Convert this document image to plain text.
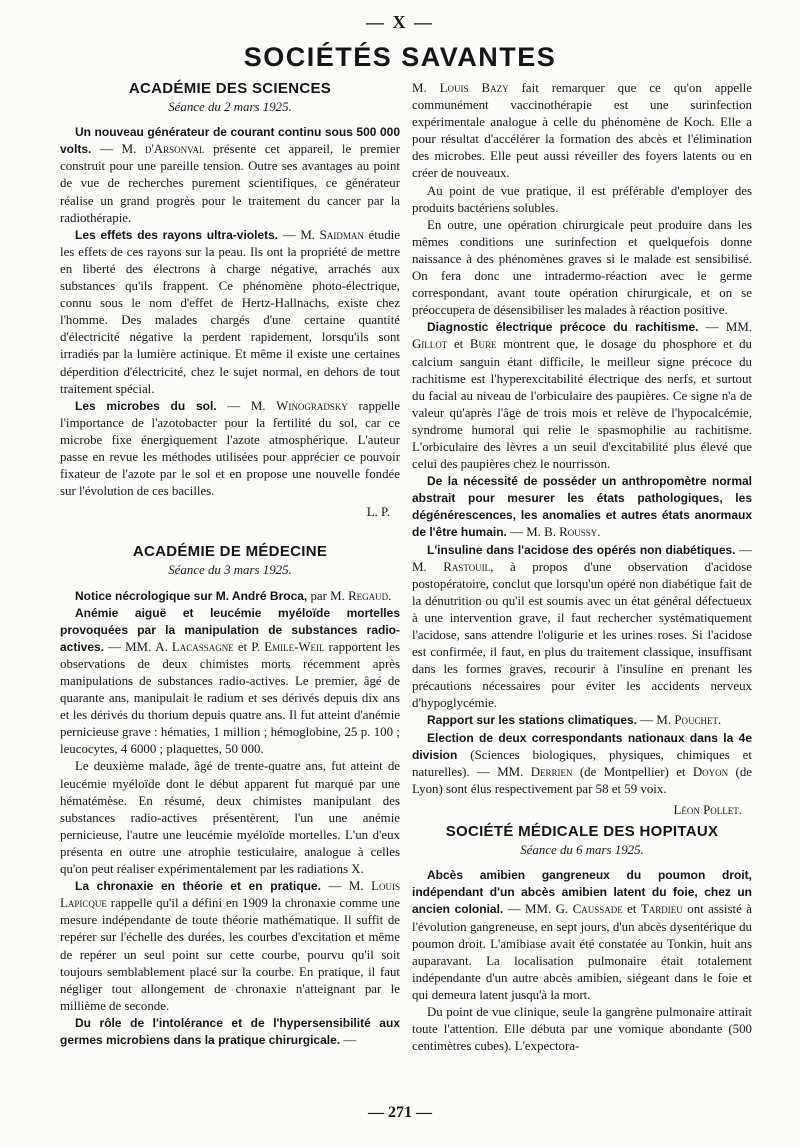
— X —
SOCIÉTÉS SAVANTES
ACADÉMIE DES SCIENCES
Séance du 2 mars 1925.

Un nouveau générateur de courant continu sous 500 000 volts. — M. d'Arsonval présente cet appareil, le premier construit pour une pareille tension. Outre ses avantages au point de vue de recherches purement scientifiques, ce générateur réalise un grand progrès pour le traitement du cancer par la radiothérapie.

Les effets des rayons ultra-violets. — M. Saidman étudie les effets de ces rayons sur la peau. Ils ont la propriété de mettre en liberté des électrons à charge négative, arrachés aux substances qu'ils frappent. Ce phénomène photo-électrique, connu sous le nom d'effet de Hertz-Hallnachs, existe chez l'homme. Des malades chargés d'une certaine quantité d'électricité négative la perdent rapidement, lorsqu'ils sont irradiés par la lumière actinique. Et même il existe une certaines déperdition d'électricité, chez le sujet normal, en dehors de tout traitement spécial.

Les microbes du sol. — M. Winogradsky rappelle l'importance de l'azotobacter pour la fertilité du sol, car ce microbe fixe énergiquement l'azote atmosphérique. L'auteur passe en revue les méthodes utilisées pour apprécier ce pouvoir fixateur de l'azote par le sol et en propose une nouvelle fondée sur l'évolution de ces bacilles.

L. P.
ACADÉMIE DE MÉDECINE
Séance du 3 mars 1925.

Notice nécrologique sur M. André Broca, par M. Regaud.

Anémie aiguë et leucémie myéloïde mortelles provoquées par la manipulation de substances radio-actives. — MM. A. Lacassagne et P. Emile-Weil rapportent les observations de deux chimistes morts récemment après manipulations de substances radio-actives. Le premier, âgé de quarante ans, manipulait le radium et ses dérivés depuis dix ans et les dérivés du thorium depuis quatre ans. Il fut atteint d'anémie pernicieuse grave : hématies, 1 million ; hémoglobine, 25 p. 100 ; leucocytes, 4 6000 ; plaquettes, 50 000.

Le deuxième malade, âgé de trente-quatre ans, fut atteint de leucémie myéloïde dont le début apparent fut marqué par une hématémèse. En résumé, deux chimistes manipulant des substances radio-actives présentèrent, l'un une anémie pernicieuse, l'autre une leucémie myéloïde mortelles. L'un d'eux présenta en outre une atrophie testiculaire, analogue à celles qu'on peut réaliser expérimentalement par les radiations X.

La chronaxie en théorie et en pratique. — M. Louis Lapicque rappelle qu'il a défini en 1909 la chronaxie comme une mesure indépendante de toute théorie mathématique. Il suffit de repérer sur l'échelle des durées, les courbes d'excitation et même de repérer un seul point sur cette courbe, pourvu qu'il soit toujours semblablement placé sur la courbe. En pratique, il faut négliger tout allongement de chronaxie n'atteignant par le millième de seconde.

Du rôle de l'intolérance et de l'hypersensibilité aux germes microbiens dans la pratique chirurgicale. —

M. Louis Bazy fait remarquer que ce qu'on appelle communément vaccinothérapie est une surinfection expérimentale analogue à celle du phénomène de Koch. Elle a pour résultat d'accélérer la formation des abcès et l'élimination des microbes. Elle peut aussi réveiller des foyers latents ou en créer de nouveaux.

Au point de vue pratique, il est préférable d'employer des produits bactériens solubles.

En outre, une opération chirurgicale peut produire dans les mêmes conditions une surinfection et quelquefois donne naissance à des phénomènes graves si le malade est sensibilisé. On fera donc une intradermo-réaction avec le germe correspondant, avant toute opération chirurgicale, et on se préoccupera de désensibiliser les malades à réaction positive.

Diagnostic électrique précoce du rachitisme. — MM. Gillot et Bure montrent que, le dosage du phosphore et du calcium sanguin étant difficile, le meilleur signe précoce du rachitisme est l'hyperexcitabilité électrique des nerfs, et surtout du facial au niveau de l'orbiculaire des paupières. Ce signe n'a de valeur qu'après l'âge de trois mois et relève de l'hypocalcémie, syndrome humoral qui relie le spasmophilie au rachitisme. L'orbiculaire des lèvres a un seuil d'excitabilité plus élevé que celui des paupières chez le nourrisson.

De la nécessité de posséder un anthropomètre normal abstrait pour mesurer les états pathologiques, les dégénérescences, les anomalies et autres états anormaux de l'être humain. — M. B. Roussy.

L'insuline dans l'acidose des opérés non diabétiques. — M. Rastouil, à propos d'une observation d'acidose postopératoire, conclut que lorsqu'un opéré non diabétique fait de la dénutrition ou qu'il est soumis avec un état général défectueux à une intervention grave, il faut rechercher systématiquement l'acidose, sans attendre l'oligurie et les urines roses. Si l'acidose est confirmée, il faut, en plus du traitement classique, insuffisant dans les formes graves, recourir à l'insuline en prenant les précautions nécessaires pour éviter les accidents nerveux d'hypoglycémie.

Rapport sur les stations climatiques. — M. Pouchet.

Election de deux correspondants nationaux dans la 4e division (Sciences biologiques, physiques, chimiques et naturelles). — MM. Derrien (de Montpellier) et Doyon (de Lyon) sont élus respectivement par 58 et 59 voix.

Léon Pollet.
SOCIÉTÉ MÉDICALE DES HOPITAUX
Séance du 6 mars 1925.

Abcès amibien gangreneux du poumon droit, indépendant d'un abcès amibien latent du foie, chez un ancien colonial. — MM. G. Caussade et Tardieu ont assisté à l'évolution gangreneuse, en sept jours, d'un abcès dysentérique du poumon droit. L'amibiase avait été constatée au Tonkin, huit ans auparavant. La localisation pulmonaire était totalement indépendante d'un autre abcès amibien, siégeant dans le foie et qui demeura latent jusqu'à la mort.

Du point de vue clinique, seule la gangrène pulmonaire attirait toute l'attention. Elle débuta par une vomique abondante (500 centimètres cubes). L'expectora-

— 271 —
